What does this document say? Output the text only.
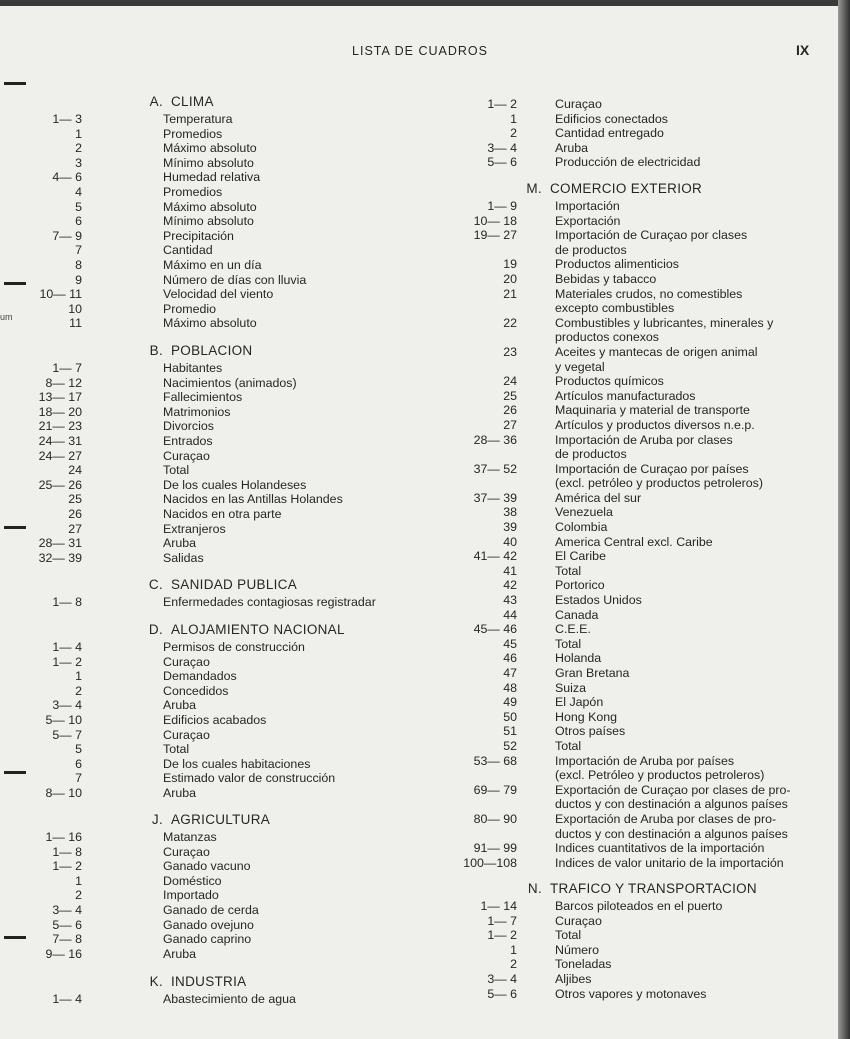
LISTA DE CUADROS	IX
um
A. CLIMA
1— 3	Temperatura
1	Promedios
2	Máximo absoluto
3	Mínimo absoluto
4— 6	Humedad relativa
4	Promedios
5	Máximo absoluto
6	Mínimo absoluto
7— 9	Precipitación
7	Cantidad
8	Máximo en un día
9	Número de días con lluvia
10— 11	Velocidad del viento
10	Promedio
11	Máximo absoluto
B. POBLACION
1— 7	Habitantes
8— 12	Nacimientos (animados)
13— 17	Fallecimientos
18— 20	Matrimonios
21— 23	Divorcios
24— 31	Entrados
24— 27	Curaçao
24	Total
25— 26	De los cuales Holandeses
25	Nacidos en las Antillas Holandes
26	Nacidos en otra parte
27	Extranjeros
28— 31	Aruba
32— 39	Salidas
C. SANIDAD PUBLICA
1— 8	Enfermedades contagiosas registradar
D. ALOJAMIENTO NACIONAL
1— 4	Permisos de construcción
1— 2	Curaçao
1	Demandados
2	Concedidos
3— 4	Aruba
5— 10	Edificios acabados
5— 7	Curaçao
5	Total
6	De los cuales habitaciones
7	Estimado valor de construcción
8— 10	Aruba
J. AGRICULTURA
1— 16	Matanzas
1— 8	Curaçao
1— 2	Ganado vacuno
1	Doméstico
2	Importado
3— 4	Ganado de cerda
5— 6	Ganado ovejuno
7— 8	Ganado caprino
9— 16	Aruba
K. INDUSTRIA
1— 4	Abastecimiento de agua
1— 2	Curaçao
1	Edificios conectados
2	Cantidad entregado
3— 4	Aruba
5— 6	Producción de electricidad
M. COMERCIO EXTERIOR
1— 9	Importación
10— 18	Exportación
19— 27	Importación de Curaçao por clases
de productos
19	Productos alimenticios
20	Bebidas y tabacco
21	Materiales crudos, no comestibles
excepto combustibles
22	Combustibles y lubricantes, minerales y
productos conexos
23	Aceites y mantecas de origen animal
y vegetal
24	Productos químicos
25	Artículos manufacturados
26	Maquinaria y material de transporte
27	Artículos y productos diversos n.e.p.
28— 36	Importación de Aruba por clases
de productos
37— 52	Importación de Curaçao por países
(excl. petróleo y productos petroleros)
37— 39	América del sur
38	Venezuela
39	Colombia
40	America Central excl. Caribe
41— 42	El Caribe
41	Total
42	Portorico
43	Estados Unidos
44	Canada
45— 46	C.E.E.
45	Total
46	Holanda
47	Gran Bretana
48	Suiza
49	El Japón
50	Hong Kong
51	Otros países
52	Total
53— 68	Importación de Aruba por países
(excl. Petróleo y productos petroleros)
69— 79	Exportación de Curaçao por clases de pro-
ductos y con destinación a algunos países
80— 90	Exportación de Aruba por clases de pro-
ductos y con destinación a algunos países
91— 99	Indices cuantitativos de la importación
100—108	Indices de valor unitario de la importación
N. TRAFICO Y TRANSPORTACION
1— 14	Barcos piloteados en el puerto
1— 7	Curaçao
1— 2	Total
1	Número
2	Toneladas
3— 4	Aljibes
5— 6	Otros vapores y motonaves
